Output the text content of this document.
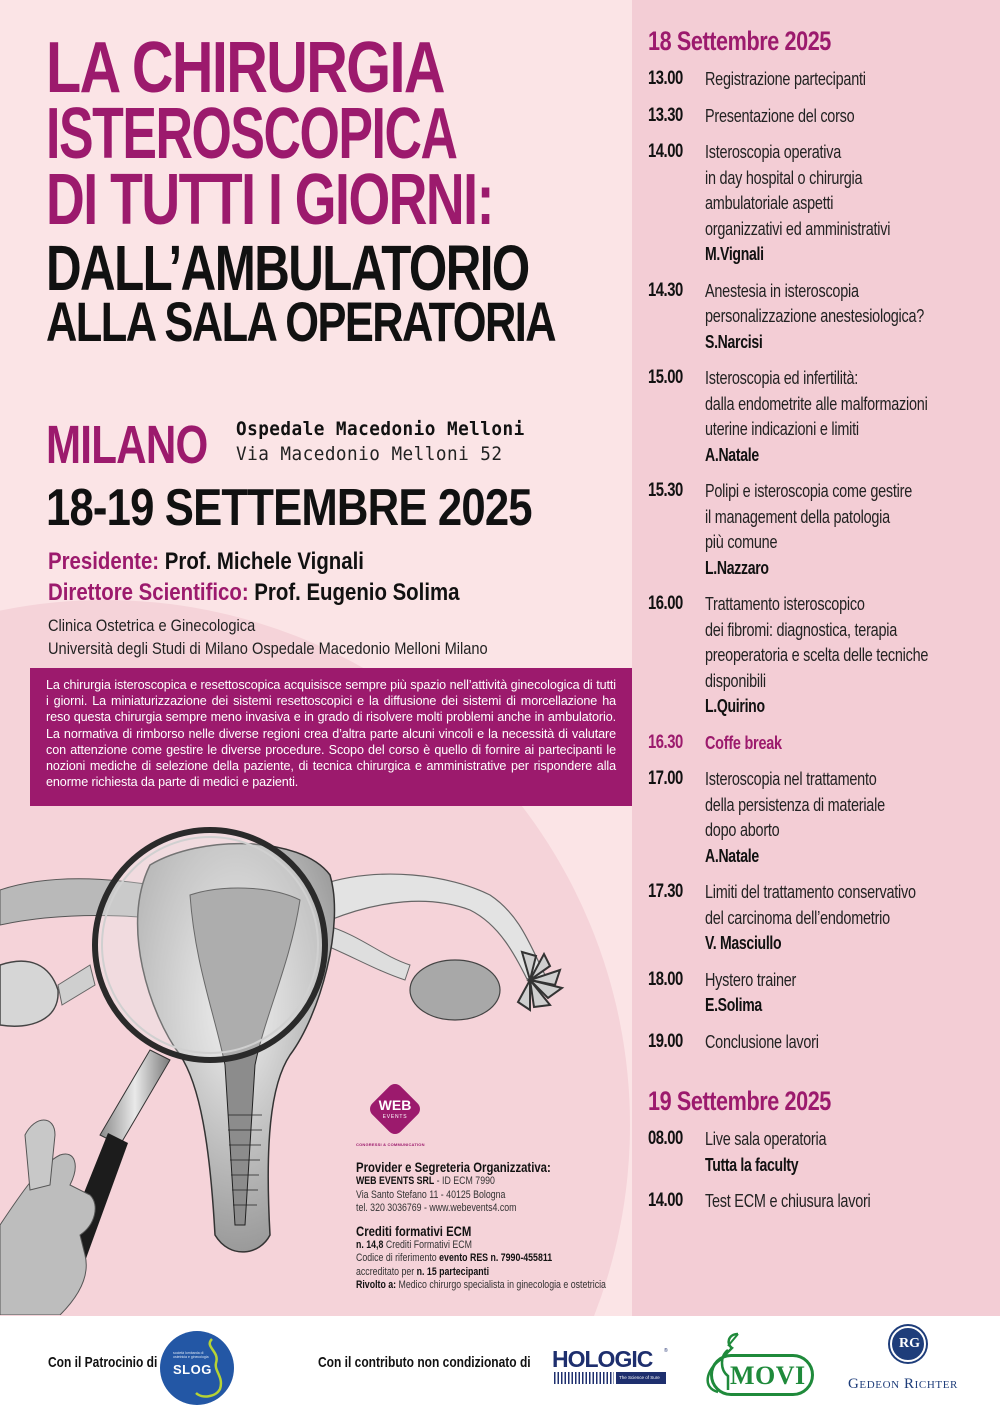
LA CHIRURGIA
ISTEROSCOPICA
DI TUTTI I GIORNI:
DALL’AMBULATORIO
ALLA SALA OPERATORIA
MILANO Ospedale Macedonio Melloni
Via Macedonio Melloni 52
18-19 SETTEMBRE 2025
Presidente: Prof. Michele Vignali
Direttore Scientifico: Prof. Eugenio Solima
Clinica Ostetrica e Ginecologica
Università degli Studi di Milano Ospedale Macedonio Melloni Milano

La chirurgia isteroscopica e resettoscopica acquisisce sempre più spazio nell’attività ginecologica di tutti i giorni. La miniaturizzazione dei sistemi resettoscopici e la diffusione dei sistemi di morcellazione ha reso questa chirurgia sempre meno invasiva e in grado di risolvere molti problemi anche in ambulatorio. La normativa di rimborso nelle diverse regioni crea d’altra parte alcuni vincoli e la necessità di valutare con attenzione come gestire le diverse procedure. Scopo del corso è quello di fornire ai partecipanti le nozioni mediche di selezione della paziente, di tecnica chirurgica e amministrative per rispondere alla enorme richiesta da parte di medici e pazienti.

WEB
EVENTS
CONGRESSI & COMMUNICATION
Provider e Segreteria Organizzativa:
WEB EVENTS SRL - ID ECM 7990
Via Santo Stefano 11 - 40125 Bologna
tel. 320 3036769 - www.webevents4.com
Crediti formativi ECM
n. 14,8 Crediti Formativi ECM
Codice di riferimento evento RES n. 7990-455811
accreditato per n. 15 partecipanti
Rivolto a: Medico chirurgo specialista in ginecologia e ostetricia
18 Settembre 2025
13.00	Registrazione partecipanti
13.30	Presentazione del corso
14.00	Isteroscopia operativa
in day hospital o chirurgia
ambulatoriale aspetti
organizzativi ed amministrativi
M.Vignali
14.30	Anestesia in isteroscopia
personalizzazione anestesiologica?
S.Narcisi
15.00	Isteroscopia ed infertilità:
dalla endometrite alle malformazioni
uterine indicazioni e limiti
A.Natale
15.30	Polipi e isteroscopia come gestire
il management della patologia
più comune
L.Nazzaro
16.00	Trattamento isteroscopico
dei fibromi: diagnostica, terapia
preoperatoria e scelta delle tecniche
disponibili
L.Quirino
16.30	Coffe break
17.00	Isteroscopia nel trattamento
della persistenza di materiale
dopo aborto
A.Natale
17.30	Limiti del trattamento conservativo
del carcinoma dell’endometrio
V. Masciullo
18.00	Hystero trainer
E.Solima
19.00	Conclusione lavori
19 Settembre 2025
08.00	Live sala operatoria
Tutta la faculty
14.00	Test ECM e chiusura lavori
Con il Patrocinio di
società lombarda di ostetricia e ginecologia
SLOG	Con il contributo non condizionato di HOLOGIC	®
The Science of Sure	MOVI
RG
Gedeon Richter
